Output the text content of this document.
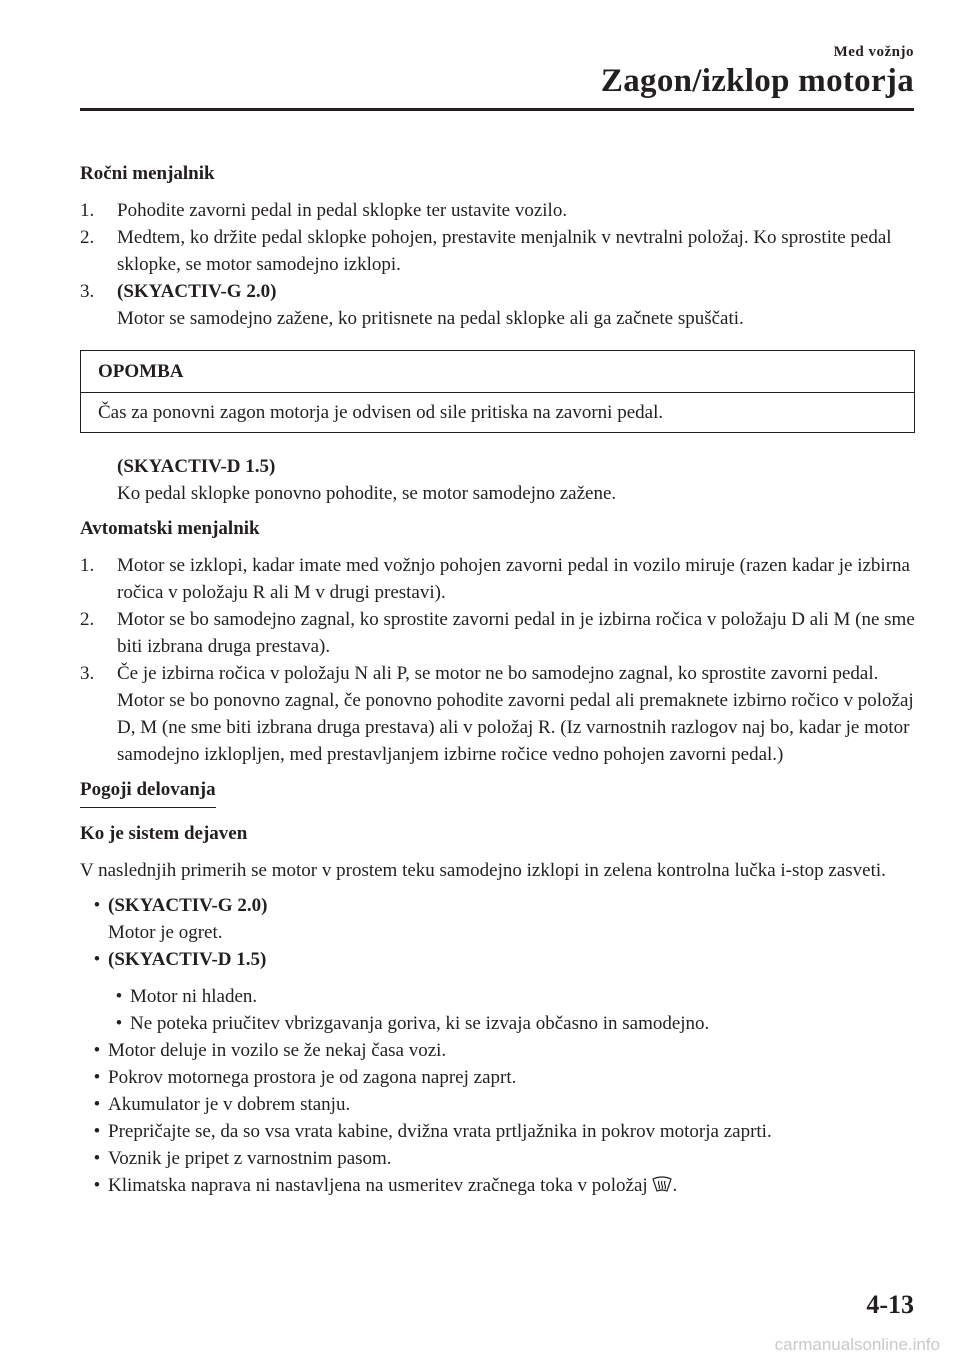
Med vožnjo
Zagon/izklop motorja
Ročni menjalnik
1.	Pohodite zavorni pedal in pedal sklopke ter ustavite vozilo.
2.	Medtem, ko držite pedal sklopke pohojen, prestavite menjalnik v nevtralni položaj. Ko sprostite pedal sklopke, se motor samodejno izklopi.
3.	(SKYACTIV-G 2.0)
Motor se samodejno zažene, ko pritisnete na pedal sklopke ali ga začnete spuščati.
OPOMBA
Čas za ponovni zagon motorja je odvisen od sile pritiska na zavorni pedal.
(SKYACTIV-D 1.5)
Ko pedal sklopke ponovno pohodite, se motor samodejno zažene.
Avtomatski menjalnik
1.	Motor se izklopi, kadar imate med vožnjo pohojen zavorni pedal in vozilo miruje (razen kadar je izbirna ročica v položaju R ali M v drugi prestavi).
2.	Motor se bo samodejno zagnal, ko sprostite zavorni pedal in je izbirna ročica v položaju D ali M (ne sme biti izbrana druga prestava).
3.	Če je izbirna ročica v položaju N ali P, se motor ne bo samodejno zagnal, ko sprostite zavorni pedal. Motor se bo ponovno zagnal, če ponovno pohodite zavorni pedal ali premaknete izbirno ročico v položaj D, M (ne sme biti izbrana druga prestava) ali v položaj R. (Iz varnostnih razlogov naj bo, kadar je motor samodejno izklopljen, med prestavljanjem izbirne ročice vedno pohojen zavorni pedal.)
Pogoji delovanja
Ko je sistem dejaven
V naslednjih primerih se motor v prostem teku samodejno izklopi in zelena kontrolna lučka i-stop zasveti.
• (SKYACTIV-G 2.0)
Motor je ogret.
• (SKYACTIV-D 1.5)
• Motor ni hladen.
• Ne poteka priučitev vbrizgavanja goriva, ki se izvaja občasno in samodejno.
• Motor deluje in vozilo se že nekaj časa vozi.
• Pokrov motornega prostora je od zagona naprej zaprt.
• Akumulator je v dobrem stanju.
• Prepričajte se, da so vsa vrata kabine, dvižna vrata prtljažnika in pokrov motorja zaprti.
• Voznik je pripet z varnostnim pasom.
• Klimatska naprava ni nastavljena na usmeritev zračnega toka v položaj .
4-13
carmanualsonline.info
